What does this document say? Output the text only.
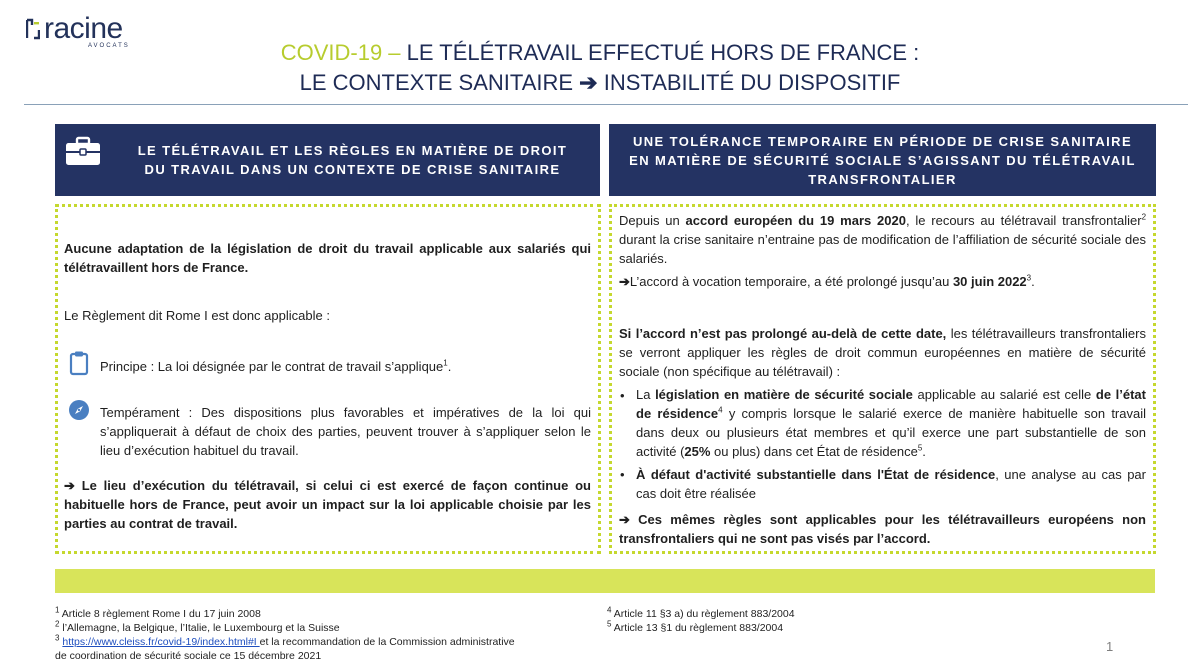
racine
AVOCATS	COVID-19 – LE TÉLÉTRAVAIL EFFECTUÉ HORS DE FRANCE :
LE CONTEXTE SANITAIRE ➔ INSTABILITÉ DU DISPOSITIF
LE TÉLÉTRAVAIL ET LES RÈGLES EN MATIÈRE DE DROIT DU TRAVAIL DANS UN CONTEXTE DE CRISE SANITAIRE
UNE TOLÉRANCE TEMPORAIRE EN PÉRIODE DE CRISE SANITAIRE EN MATIÈRE DE SÉCURITÉ SOCIALE S’AGISSANT DU TÉLÉTRAVAIL TRANSFRONTALIER
Aucune adaptation de la législation de droit du travail applicable aux salariés qui télétravaillent hors de France.
Le Règlement dit Rome I est donc applicable :
Principe : La loi désignée par le contrat de travail s’applique$^1$.
Tempérament : Des dispositions plus favorables et impératives de la loi qui s’appliquerait à défaut de choix des parties, peuvent trouver à s’appliquer selon le lieu d’exécution habituel du travail.
➔ Le lieu d’exécution du télétravail, si celui ci est exercé de façon continue ou habituelle hors de France, peut avoir un impact sur la loi applicable choisie par les parties au contrat de travail.
Depuis un accord européen du 19 mars 2020, le recours au télétravail transfrontalier$^2$ durant la crise sanitaire n’entraine pas de modification de l’affiliation de sécurité sociale des salariés.
➔L’accord à vocation temporaire, a été prolongé jusqu’au 30 juin 2022$^3$.
Si l’accord n’est pas prolongé au-delà de cette date, les télétravailleurs transfrontaliers se verront appliquer les règles de droit commun européennes en matière de sécurité sociale (non spécifique au télétravail) :
• La législation en matière de sécurité sociale applicable au salarié est celle de l’état de résidence$^4$ y compris lorsque le salarié exerce de manière habituelle son travail dans deux ou plusieurs état membres et qu’il exerce une part substantielle de son activité (25% ou plus) dans cet État de résidence$^5$.
• À défaut d'activité substantielle dans l'État de résidence, une analyse au cas par cas doit être réalisée
➔ Ces mêmes règles sont applicables pour les télétravailleurs européens non transfrontaliers qui ne sont pas visés par l’accord.
$^1$ Article 8 règlement Rome I du 17 juin 2008
$^2$ l’Allemagne, la Belgique, l’Italie, le Luxembourg et la Suisse
$^3$ https://www.cleiss.fr/covid-19/index.html#I et la recommandation de la Commission administrative
de coordination de sécurité sociale ce 15 décembre 2021
$^4$ Article 11 §3 a) du règlement 883/2004
$^5$ Article 13 §1 du règlement 883/2004
1
